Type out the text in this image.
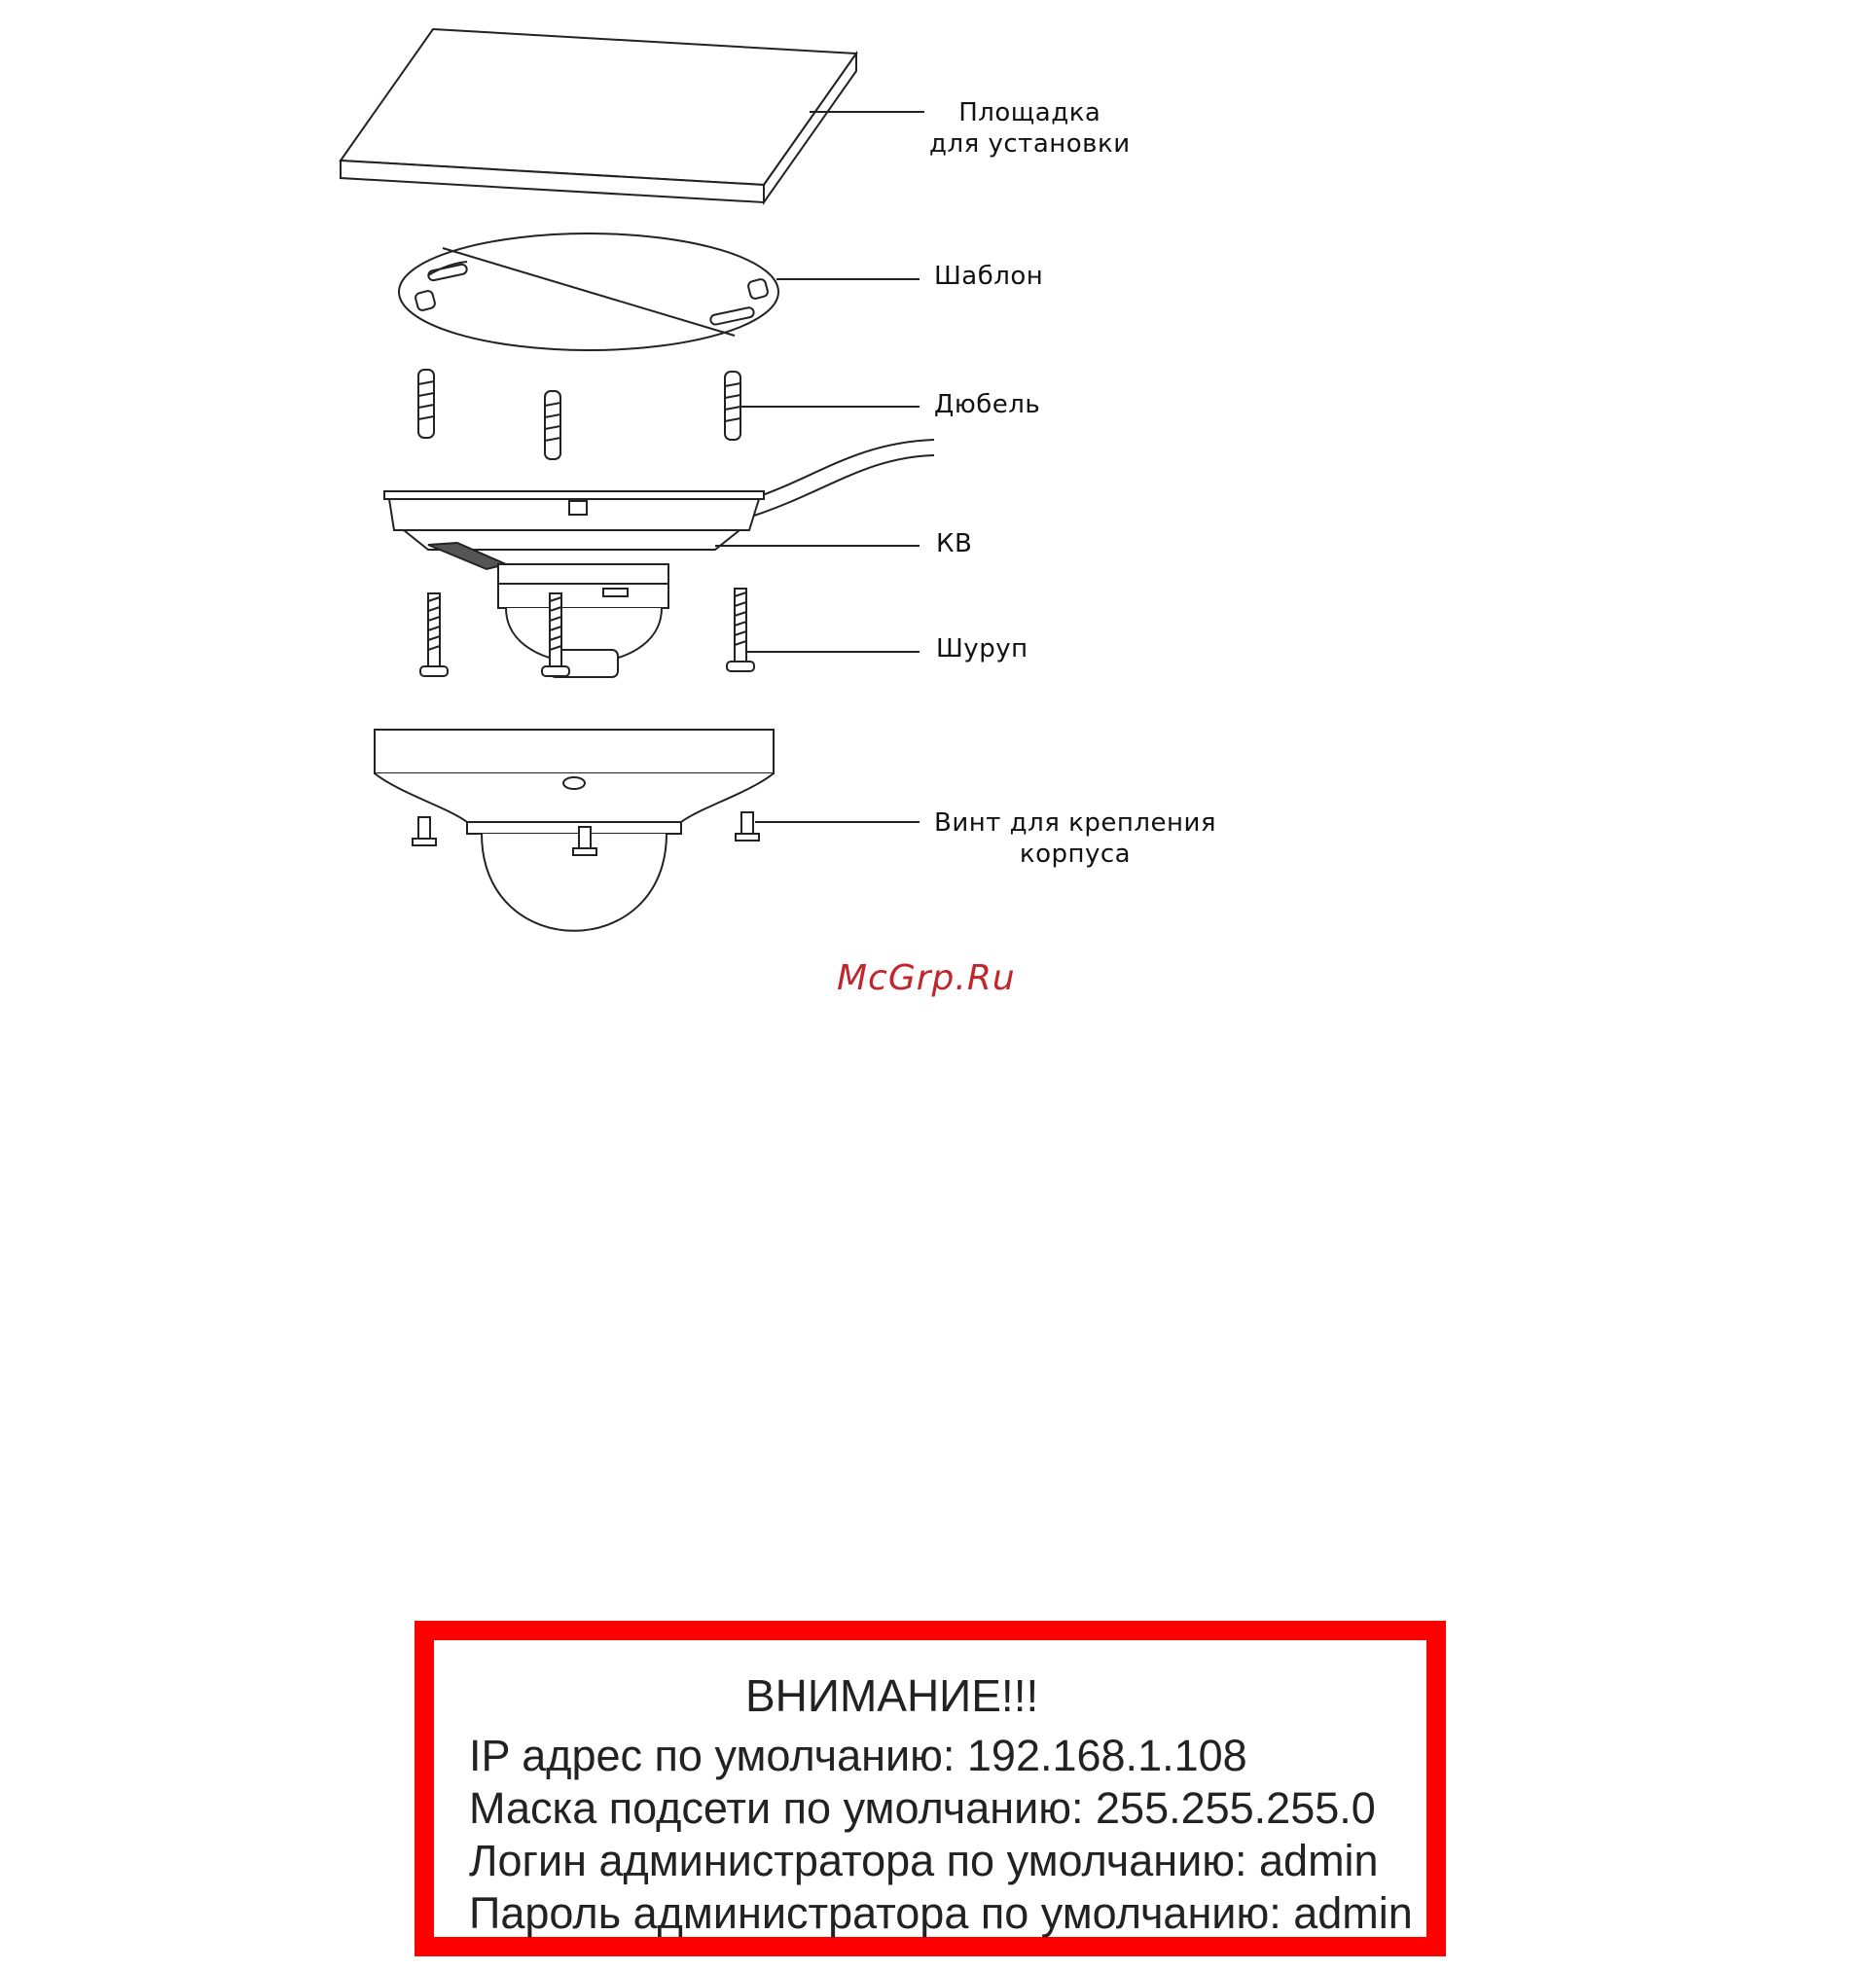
Площадка
для установки
Шаблон
Дюбель
КВ
Шуруп
Винт для крепления
корпуса
McGrp.Ru
ВНИМАНИЕ!!!
IP адрес по умолчанию: 192.168.1.108
Маска подсети по умолчанию: 255.255.255.0
Логин администратора по умолчанию: admin
Пароль администратора по умолчанию: admin
